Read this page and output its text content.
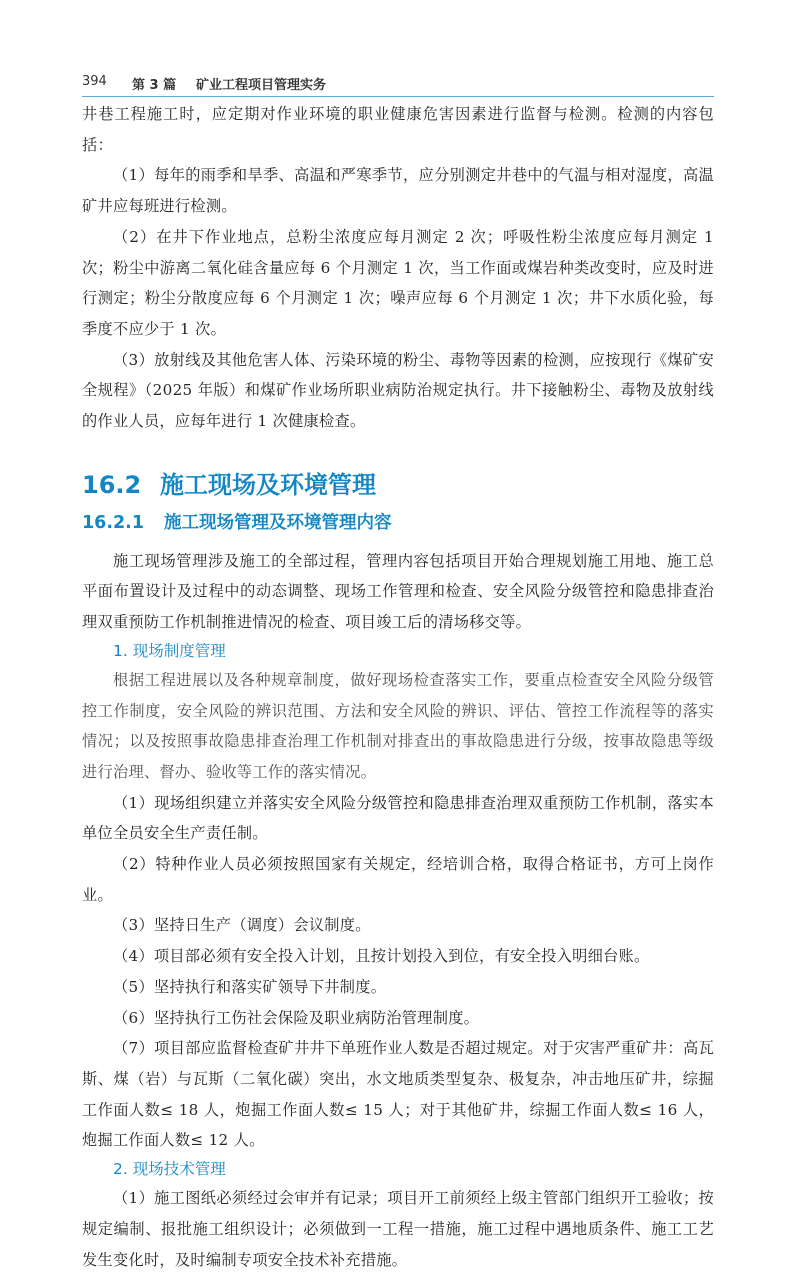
394 第 3 篇 矿业工程项目管理实务

井巷工程施工时，应定期对作业环境的职业健康危害因素进行监督与检测。检测的内容包括：

（1）每年的雨季和旱季、高温和严寒季节，应分别测定井巷中的气温与相对湿度，高温矿井应每班进行检测。

（2）在井下作业地点，总粉尘浓度应每月测定 2 次；呼吸性粉尘浓度应每月测定 1 次；粉尘中游离二氧化硅含量应每 6 个月测定 1 次，当工作面或煤岩种类改变时，应及时进行测定；粉尘分散度应每 6 个月测定 1 次；噪声应每 6 个月测定 1 次；井下水质化验，每季度不应少于 1 次。

（3）放射线及其他危害人体、污染环境的粉尘、毒物等因素的检测，应按现行《煤矿安全规程》（2025 年版）和煤矿作业场所职业病防治规定执行。井下接触粉尘、毒物及放射线的作业人员，应每年进行 1 次健康检查。

16.2 施工现场及环境管理
16.2.1 施工现场管理及环境管理内容

施工现场管理涉及施工的全部过程，管理内容包括项目开始合理规划施工用地、施工总平面布置设计及过程中的动态调整、现场工作管理和检查、安全风险分级管控和隐患排查治理双重预防工作机制推进情况的检查、项目竣工后的清场移交等。

1. 现场制度管理

根据工程进展以及各种规章制度，做好现场检查落实工作，要重点检查安全风险分级管控工作制度，安全风险的辨识范围、方法和安全风险的辨识、评估、管控工作流程等的落实情况；以及按照事故隐患排查治理工作机制对排查出的事故隐患进行分级，按事故隐患等级进行治理、督办、验收等工作的落实情况。

（1）现场组织建立并落实安全风险分级管控和隐患排查治理双重预防工作机制，落实本单位全员安全生产责任制。

（2）特种作业人员必须按照国家有关规定，经培训合格，取得合格证书，方可上岗作业。

（3）坚持日生产（调度）会议制度。

（4）项目部必须有安全投入计划，且按计划投入到位，有安全投入明细台账。

（5）坚持执行和落实矿领导下井制度。

（6）坚持执行工伤社会保险及职业病防治管理制度。

（7）项目部应监督检查矿井井下单班作业人数是否超过规定。对于灾害严重矿井：高瓦斯、煤（岩）与瓦斯（二氧化碳）突出，水文地质类型复杂、极复杂，冲击地压矿井，综掘工作面人数≤ 18 人，炮掘工作面人数≤ 15 人；对于其他矿井，综掘工作面人数≤ 16 人，炮掘工作面人数≤ 12 人。

2. 现场技术管理

（1）施工图纸必须经过会审并有记录；项目开工前须经上级主管部门组织开工验收；按规定编制、报批施工组织设计；必须做到一工程一措施，施工过程中遇地质条件、施工工艺发生变化时，及时编制专项安全技术补充措施。
